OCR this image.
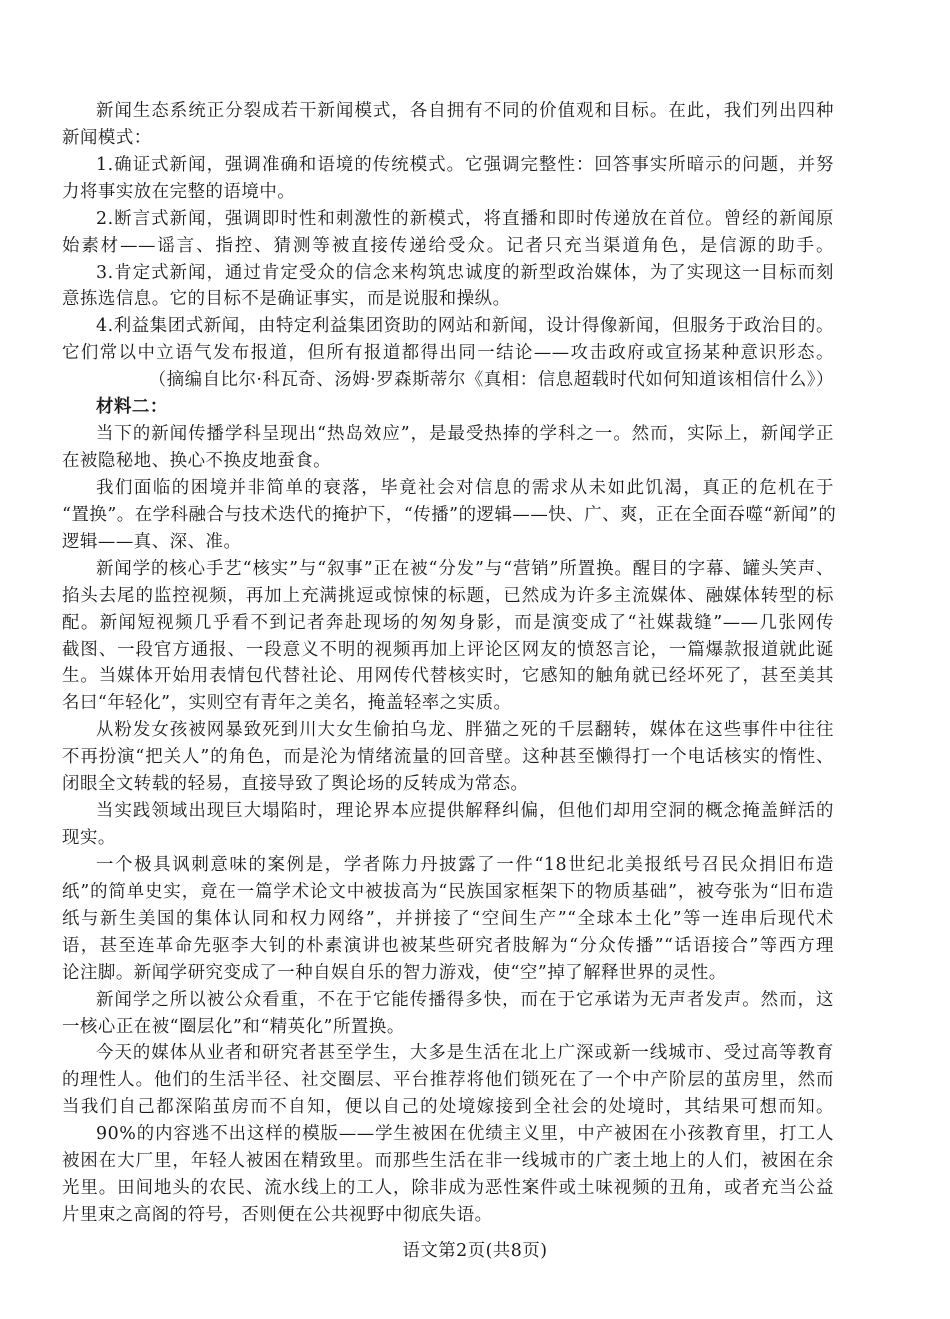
新闻生态系统正分裂成若干新闻模式，各自拥有不同的价值观和目标。在此，我们列出四种
新闻模式：
1.确证式新闻，强调准确和语境的传统模式。它强调完整性：回答事实所暗示的问题，并努
力将事实放在完整的语境中。
2.断言式新闻，强调即时性和刺激性的新模式，将直播和即时传递放在首位。曾经的新闻原
始素材——谣言、指控、猜测等被直接传递给受众。记者只充当渠道角色，是信源的助手。
3.肯定式新闻，通过肯定受众的信念来构筑忠诚度的新型政治媒体，为了实现这一目标而刻
意拣选信息。它的目标不是确证事实，而是说服和操纵。
4.利益集团式新闻，由特定利益集团资助的网站和新闻，设计得像新闻，但服务于政治目的。
它们常以中立语气发布报道，但所有报道都得出同一结论——攻击政府或宣扬某种意识形态。
（摘编自比尔·科瓦奇、汤姆·罗森斯蒂尔《真相：信息超载时代如何知道该相信什么》）
材料二：
当下的新闻传播学科呈现出“热岛效应”，是最受热捧的学科之一。然而，实际上，新闻学正
在被隐秘地、换心不换皮地蚕食。
我们面临的困境并非简单的衰落，毕竟社会对信息的需求从未如此饥渴，真正的危机在于
“置换”。在学科融合与技术迭代的掩护下，“传播”的逻辑——快、广、爽，正在全面吞噬“新闻”的
逻辑——真、深、准。
新闻学的核心手艺“核实”与“叙事”正在被“分发”与“营销”所置换。醒目的字幕、罐头笑声、
掐头去尾的监控视频，再加上充满挑逗或惊悚的标题，已然成为许多主流媒体、融媒体转型的标
配。新闻短视频几乎看不到记者奔赴现场的匆匆身影，而是演变成了“社媒裁缝”——几张网传
截图、一段官方通报、一段意义不明的视频再加上评论区网友的愤怒言论，一篇爆款报道就此诞
生。当媒体开始用表情包代替社论、用网传代替核实时，它感知的触角就已经坏死了，甚至美其
名曰“年轻化”，实则空有青年之美名，掩盖轻率之实质。
从粉发女孩被网暴致死到川大女生偷拍乌龙、胖猫之死的千层翻转，媒体在这些事件中往往
不再扮演“把关人”的角色，而是沦为情绪流量的回音壁。这种甚至懒得打一个电话核实的惰性、
闭眼全文转载的轻易，直接导致了舆论场的反转成为常态。
当实践领域出现巨大塌陷时，理论界本应提供解释纠偏，但他们却用空洞的概念掩盖鲜活的
现实。
一个极具讽刺意味的案例是，学者陈力丹披露了一件“18世纪北美报纸号召民众捐旧布造
纸”的简单史实，竟在一篇学术论文中被拔高为“民族国家框架下的物质基础”，被夸张为“旧布造
纸与新生美国的集体认同和权力网络”，并拼接了“空间生产”“全球本土化”等一连串后现代术
语，甚至连革命先驱李大钊的朴素演讲也被某些研究者肢解为“分众传播”“话语接合”等西方理
论注脚。新闻学研究变成了一种自娱自乐的智力游戏，使“空”掉了解释世界的灵性。
新闻学之所以被公众看重，不在于它能传播得多快，而在于它承诺为无声者发声。然而，这
一核心正在被“圈层化”和“精英化”所置换。
今天的媒体从业者和研究者甚至学生，大多是生活在北上广深或新一线城市、受过高等教育
的理性人。他们的生活半径、社交圈层、平台推荐将他们锁死在了一个中产阶层的茧房里，然而
当我们自己都深陷茧房而不自知，便以自己的处境嫁接到全社会的处境时，其结果可想而知。
90%的内容逃不出这样的模版——学生被困在优绩主义里，中产被困在小孩教育里，打工人
被困在大厂里，年轻人被困在精致里。而那些生活在非一线城市的广袤土地上的人们，被困在余
光里。田间地头的农民、流水线上的工人，除非成为恶性案件或土味视频的丑角，或者充当公益
片里束之高阁的符号，否则便在公共视野中彻底失语。
语文第2页(共8页)
